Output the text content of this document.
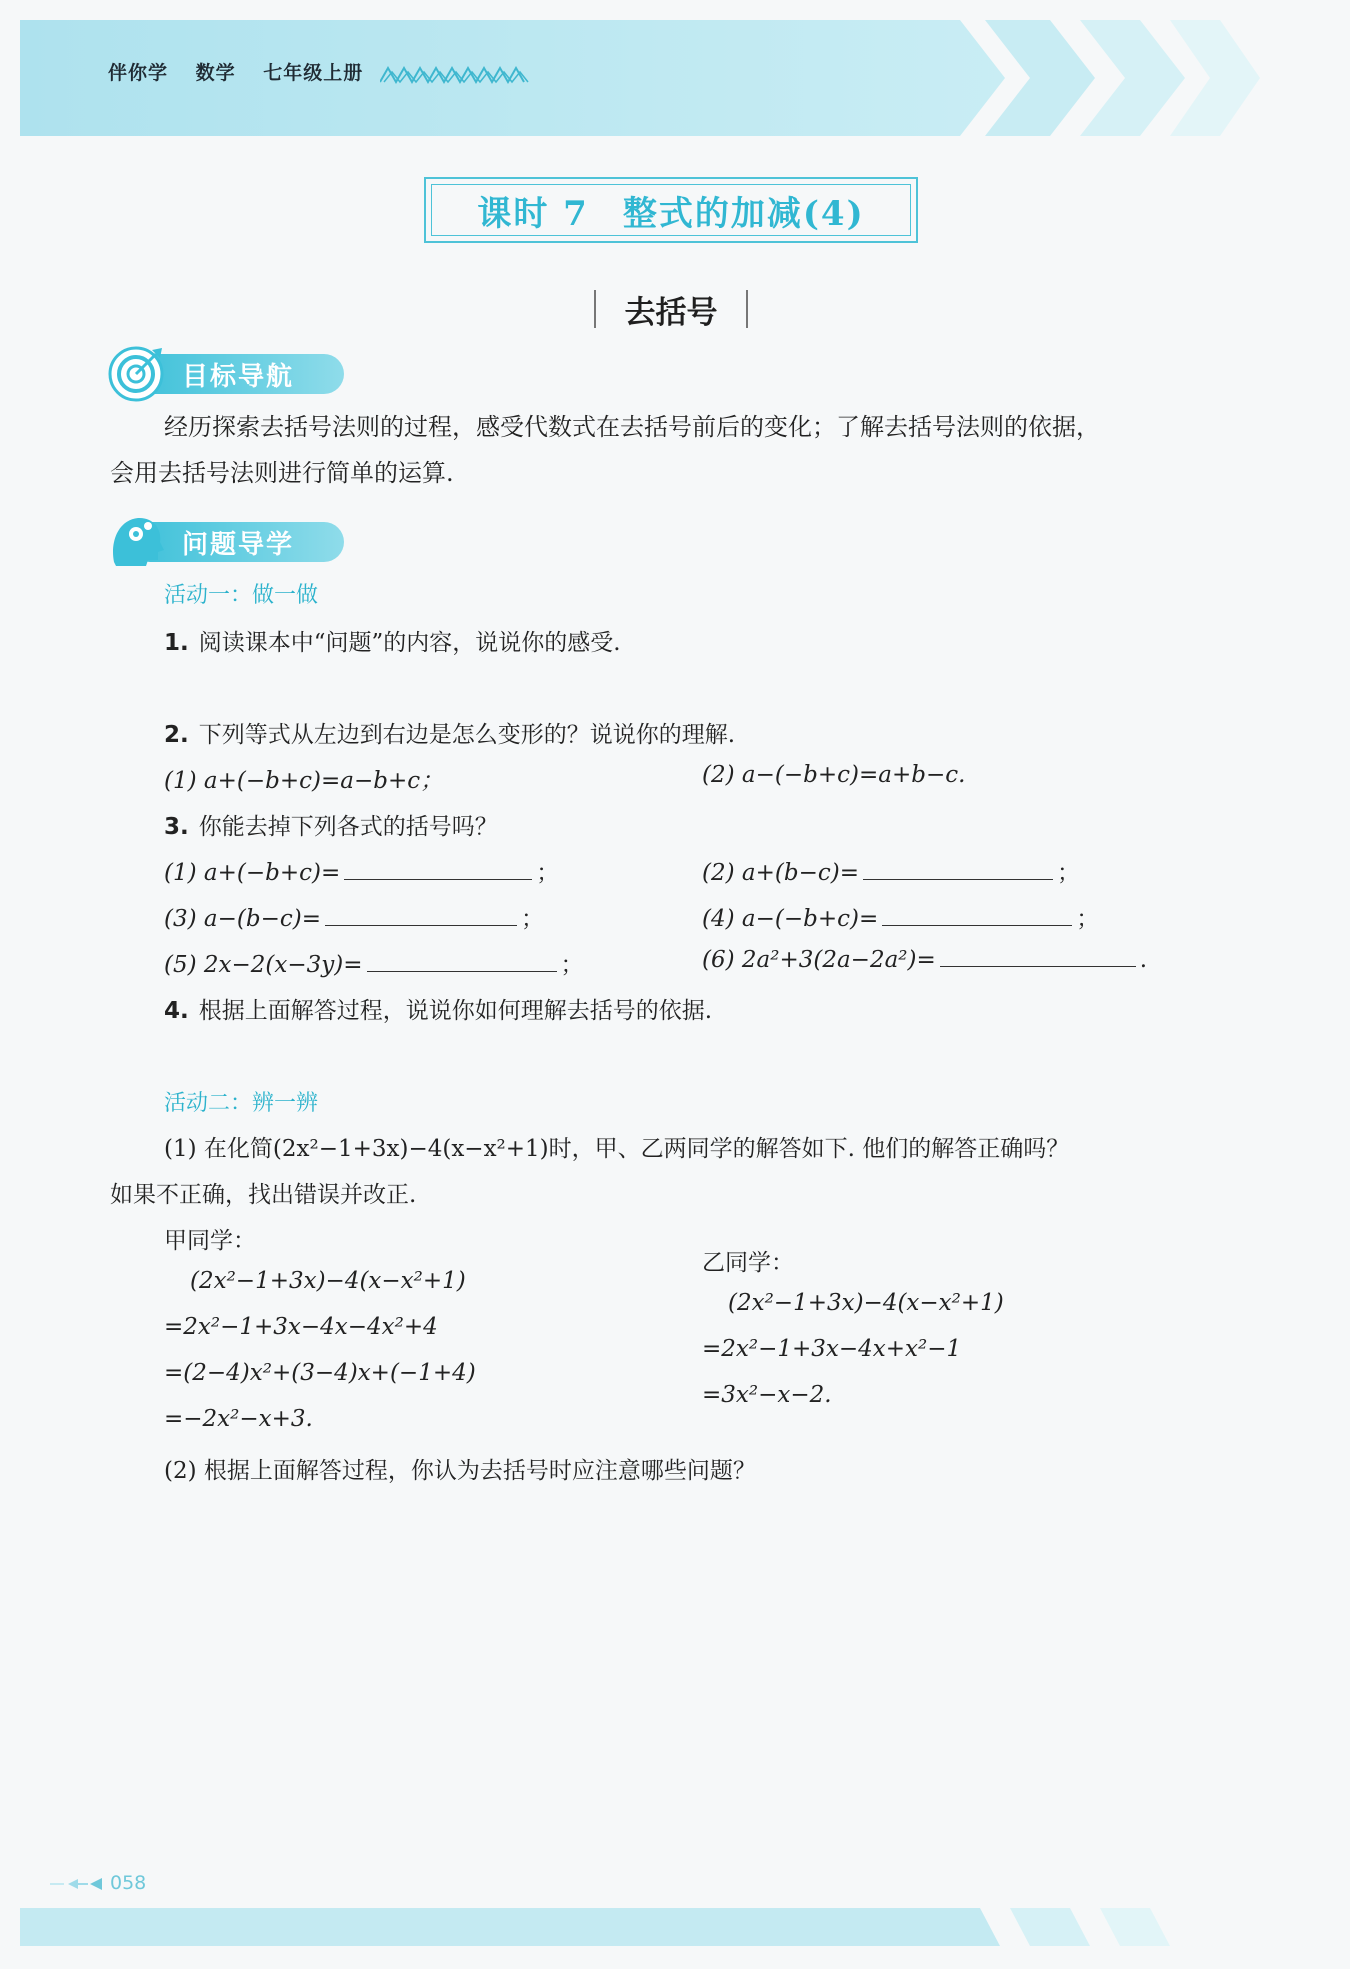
伴你学 数学 七年级上册
课时 7 整式的加减(4)
去括号
目标导航
经历探索去括号法则的过程，感受代数式在去括号前后的变化；了解去括号法则的依据，
会用去括号法则进行简单的运算.
问题导学
活动一：做一做
1. 阅读课本中“问题”的内容，说说你的感受.
2. 下列等式从左边到右边是怎么变形的？说说你的理解.
(1) a+(−b+c)=a−b+c；	(2) a−(−b+c)=a+b−c.
3. 你能去掉下列各式的括号吗？
(1) a+(−b+c)=	；	(2) a+(b−c)=	；
(3) a−(b−c)=	；	(4) a−(−b+c)=	；
(5) 2x−2(x−3y)=	；	(6) 2a²+3(2a−2a²)=	.
4. 根据上面解答过程，说说你如何理解去括号的依据.
活动二：辨一辨
(1) 在化简(2x²−1+3x)−4(x−x²+1)时，甲、乙两同学的解答如下. 他们的解答正确吗？
如果不正确，找出错误并改正.
甲同学：
(2x²−1+3x)−4(x−x²+1)
=2x²−1+3x−4x−4x²+4
=(2−4)x²+(3−4)x+(−1+4)
=−2x²−x+3.
乙同学：
(2x²−1+3x)−4(x−x²+1)
=2x²−1+3x−4x+x²−1
=3x²−x−2.
(2) 根据上面解答过程，你认为去括号时应注意哪些问题？
058
